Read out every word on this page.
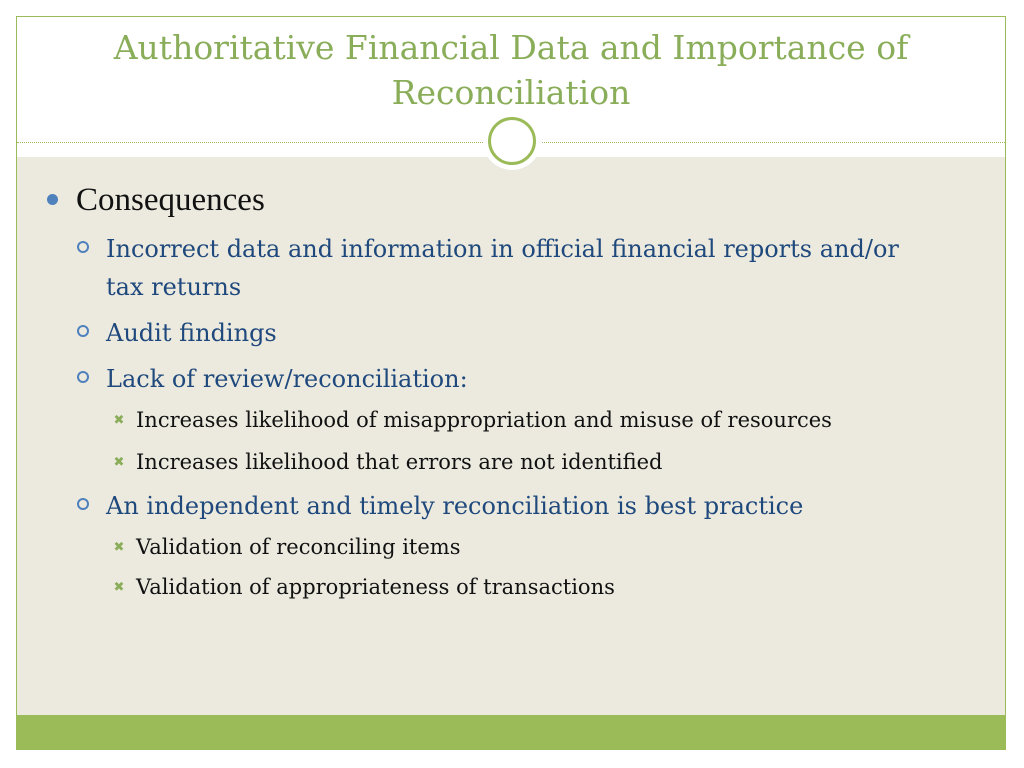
Authoritative Financial Data and Importance of Reconciliation
Consequences
Incorrect data and information in official financial reports and/or tax returns
Audit findings
Lack of review/reconciliation:
✖ Increases likelihood of misappropriation and misuse of resources
✖ Increases likelihood that errors are not identified
An independent and timely reconciliation is best practice
✖ Validation of reconciling items
✖ Validation of appropriateness of transactions
